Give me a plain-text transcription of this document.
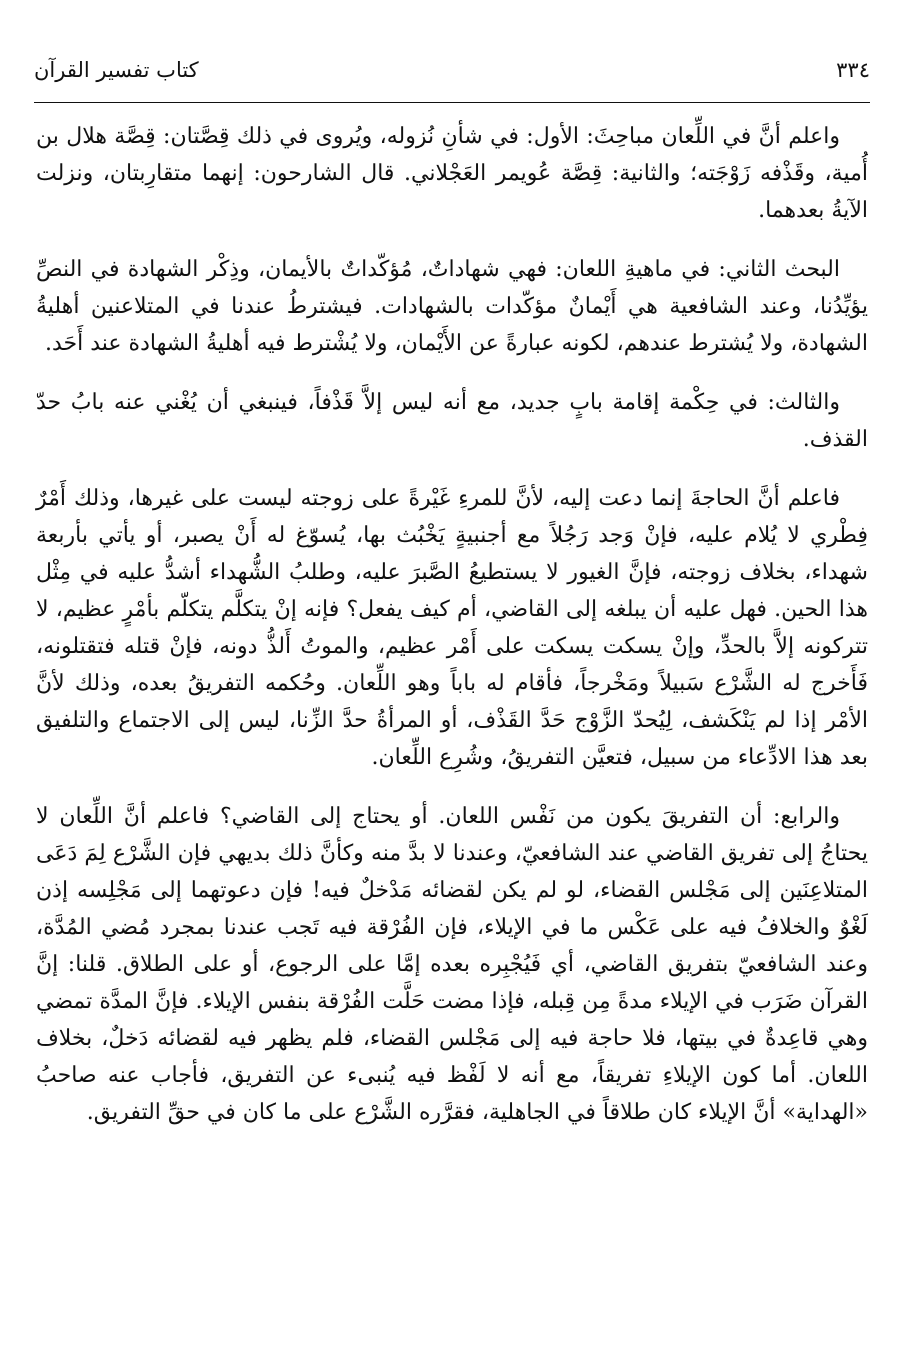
٣٣٤
كتاب تفسير القرآن

واعلم أنَّ في اللِّعان مباحِثَ: الأول: في شأنِ نُزوله، ويُروى في ذلك قِصَّتان: قِصَّة هلال بن أُمية، وقَذْفه زَوْجَته؛ والثانية: قِصَّة عُويمر العَجْلاني. قال الشارحون: إنهما متقارِبتان، ونزلت الآيةُ بعدهما.

البحث الثاني: في ماهيةِ اللعان: فهي شهاداتٌ، مُؤكّداتٌ بالأيمان، وذِكْر الشهادة في النصِّ يؤيِّدُنا، وعند الشافعية هي أَيْمانٌ مؤكّدات بالشهادات. فيشترطُ عندنا في المتلاعنين أهليةُ الشهادة، ولا يُشترط عندهم، لكونه عبارةً عن الأَيْمان، ولا يُشْترط فيه أهليةُ الشهادة عند أَحَد.

والثالث: في حِكْمة إقامة بابٍ جديد، مع أنه ليس إلاَّ قَذْفاً، فينبغي أن يُغْني عنه بابُ حدّ القذف.

فاعلم أنَّ الحاجةَ إنما دعت إليه، لأنَّ للمرءِ غَيْرةً على زوجته ليست على غيرها، وذلك أَمْرٌ فِطْري لا يُلام عليه، فإنْ وَجد رَجُلاً مع أجنبيةٍ يَخْبُث بها، يُسوّغ له أَنْ يصبر، أو يأتي بأربعة شهداء، بخلاف زوجته، فإنَّ الغيور لا يستطيعُ الصَّبرَ عليه، وطلبُ الشُّهداء أشدُّ عليه في مِثْل هذا الحين. فهل عليه أن يبلغه إلى القاضي، أم كيف يفعل؟ فإنه إنْ يتكلَّم يتكلّم بأمْرٍ عظيم، لا تتركونه إلاَّ بالحدِّ، وإنْ يسكت يسكت على أَمْر عظيم، والموتُ أَلذُّ دونه، فإنْ قتله فتقتلونه، فَأَخرج له الشَّرْع سَبيلاً ومَخْرجاً، فأقام له باباً وهو اللِّعان. وحُكمه التفريقُ بعده، وذلك لأنَّ الأمْر إذا لم يَنْكَشف، لِيُحدّ الزَّوْج حَدَّ القَذْف، أو المرأةُ حدَّ الزِّنا، ليس إلى الاجتماع والتلفيق بعد هذا الادِّعاء من سبيل، فتعيَّن التفريقُ، وشُرِع اللِّعان.

والرابع: أن التفريقَ يكون من نَفْس اللعان. أو يحتاج إلى القاضي؟ فاعلم أنَّ اللِّعان لا يحتاجُ إلى تفريق القاضي عند الشافعيّ، وعندنا لا بدَّ منه وكأنَّ ذلك بديهي فإن الشَّرْع لِمَ دَعَى المتلاعِنَين إلى مَجْلس القضاء، لو لم يكن لقضائه مَدْخلٌ فيه! فإن دعوتهما إلى مَجْلِسه إذن لَغْوٌ والخلافُ فيه على عَكْس ما في الإيلاء، فإن الفُرْقة فيه تَجب عندنا بمجرد مُضي المُدَّة، وعند الشافعيّ بتفريق القاضي، أي فَيُجْبِره بعده إمَّا على الرجوع، أو على الطلاق. قلنا: إنَّ القرآن ضَرَب في الإيلاء مدةً مِن قِبله، فإذا مضت حَلَّت الفُرْقة بنفس الإيلاء. فإنَّ المدَّة تمضي وهي قاعِدةٌ في بيتها، فلا حاجة فيه إلى مَجْلس القضاء، فلم يظهر فيه لقضائه دَخلٌ، بخلاف اللعان. أما كون الإيلاءِ تفريقاً، مع أنه لا لَفْظ فيه يُنبىء عن التفريق، فأجاب عنه صاحبُ «الهداية» أنَّ الإيلاء كان طلاقاً في الجاهلية، فقرَّره الشَّرْع على ما كان في حقِّ التفريق.
